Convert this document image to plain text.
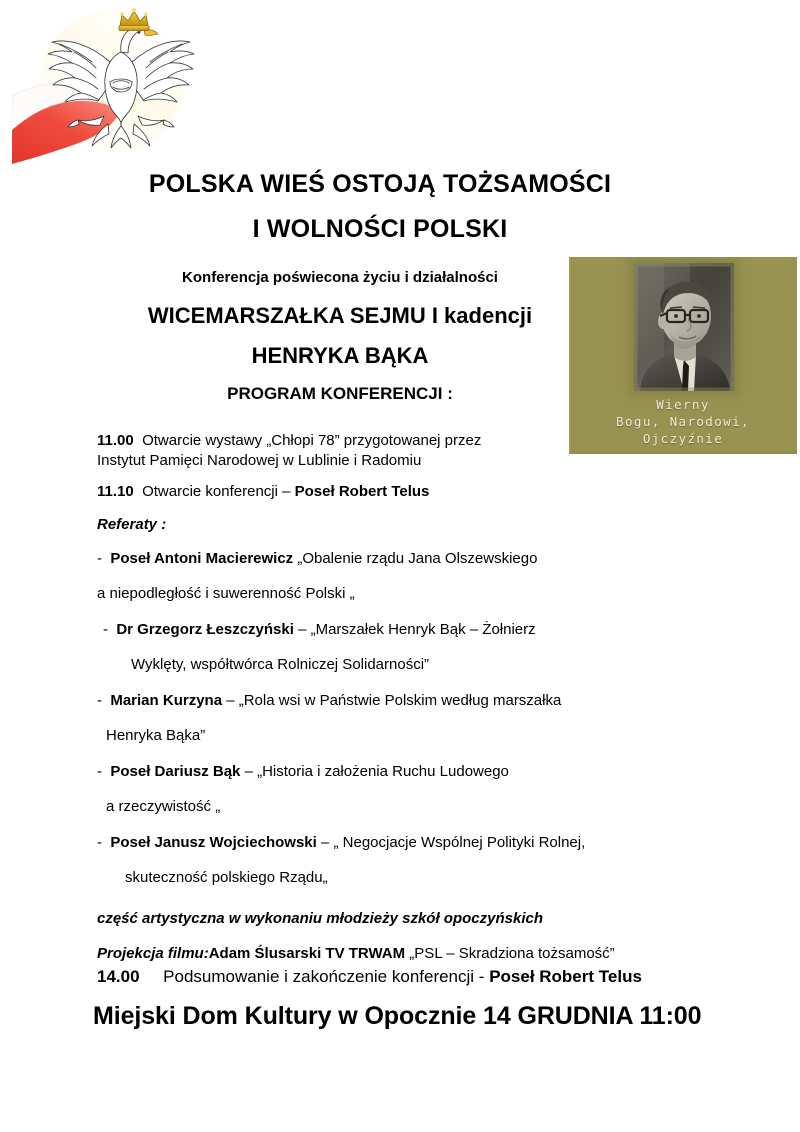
POLSKA WIEŚ OSTOJĄ TOŻSAMOŚCI
I WOLNOŚCI POLSKI
Konferencja poświecona życiu i działalności
WICEMARSZAŁKA SEJMU I kadencji
HENRYKA BĄKA
PROGRAM KONFERENCJI :
Wierny
Bogu, Narodowi,
Ojczyźnie
11.00 Otwarcie wystawy „Chłopi 78” przygotowanej przez
Instytut Pamięci Narodowej w Lublinie i Radomiu
11.10 Otwarcie konferencji – Poseł Robert Telus
Referaty :
- Poseł Antoni Macierewicz „Obalenie rządu Jana Olszewskiego
a niepodległość i suwerenność Polski „
- Dr Grzegorz Łeszczyński – „Marszałek Henryk Bąk – Żołnierz
Wyklęty, współtwórca Rolniczej Solidarności”
- Marian Kurzyna – „Rola wsi w Państwie Polskim według marszałka
Henryka Bąka”
- Poseł Dariusz Bąk – „Historia i założenia Ruchu Ludowego
a rzeczywistość „
- Poseł Janusz Wojciechowski – „ Negocjacje Wspólnej Polityki Rolnej,
skuteczność polskiego Rządu„
część artystyczna w wykonaniu młodzieży szkół opoczyńskich
Projekcja filmu:Adam Ślusarski TV TRWAM „PSL – Skradziona tożsamość”
14.00 Podsumowanie i zakończenie konferencji - Poseł Robert Telus
Miejski Dom Kultury w Opocznie 14 GRUDNIA 11:00
